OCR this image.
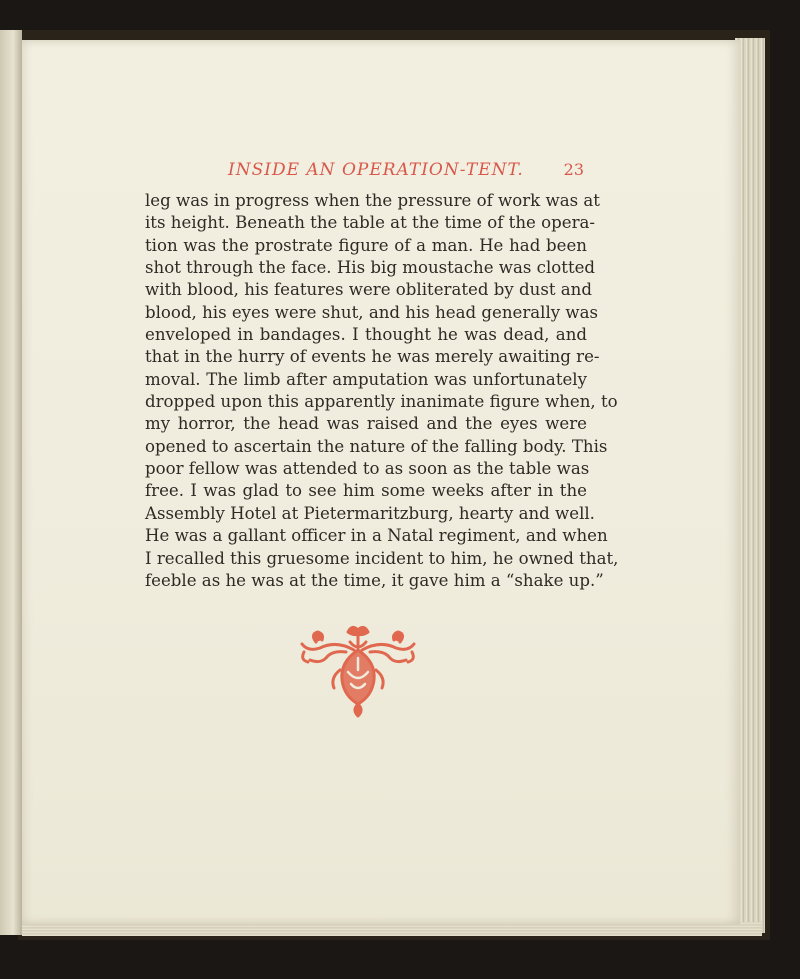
INSIDE AN OPERATION-TENT. 23
leg was in progress when the pressure of work was at
its height. Beneath the table at the time of the opera-
tion was the prostrate figure of a man. He had been
shot through the face. His big moustache was clotted
with blood, his features were obliterated by dust and
blood, his eyes were shut, and his head generally was
enveloped in bandages. I thought he was dead, and
that in the hurry of events he was merely awaiting re-
moval. The limb after amputation was unfortunately
dropped upon this apparently inanimate figure when, to
my horror, the head was raised and the eyes were
opened to ascertain the nature of the falling body. This
poor fellow was attended to as soon as the table was
free. I was glad to see him some weeks after in the
Assembly Hotel at Pietermaritzburg, hearty and well.
He was a gallant officer in a Natal regiment, and when
I recalled this gruesome incident to him, he owned that,
feeble as he was at the time, it gave him a “shake up.”
